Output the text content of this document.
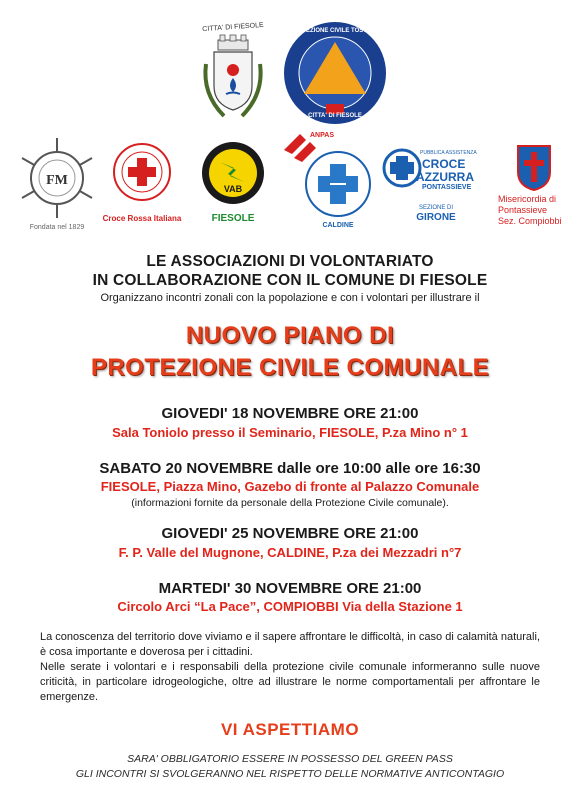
CITTA' DI FIESOLE	PROTEZIONE CIVILE TOSCANA
CITTA' DI FIESOLE
FM
Fondata nel 1829
Croce Rossa Italiana
VAB
FIESOLE
ANPAS
CALDINE
PUBBLICA ASSISTENZA
CROCE
AZZURRA
PONTASSIEVE
SEZIONE DI
GIRONE
Misericordia di
Pontassieve
Sez. Compiobbi
LE ASSOCIAZIONI DI VOLONTARIATO
IN COLLABORAZIONE CON IL COMUNE DI FIESOLE
Organizzano incontri zonali con la popolazione e con i volontari per illustrare il
NUOVO PIANO DI
PROTEZIONE CIVILE COMUNALE
GIOVEDI' 18 NOVEMBRE ORE 21:00
Sala Toniolo presso il Seminario, FIESOLE, P.za Mino n° 1
SABATO 20 NOVEMBRE dalle ore 10:00 alle ore 16:30
FIESOLE, Piazza Mino, Gazebo di fronte al Palazzo Comunale
(informazioni fornite da personale della Protezione Civile comunale).
GIOVEDI' 25 NOVEMBRE ORE 21:00
F. P. Valle del Mugnone, CALDINE, P.za dei Mezzadri n°7
MARTEDI' 30 NOVEMBRE ORE 21:00
Circolo Arci “La Pace”, COMPIOBBI Via della Stazione 1
La conoscenza del territorio dove viviamo e il sapere affrontare le difficoltà, in caso di calamità naturali, è cosa importante e doverosa per i cittadini.
Nelle serate i volontari e i responsabili della protezione civile comunale informeranno sulle nuove criticità, in particolare idrogeologiche, oltre ad illustrare le norme comportamentali per affrontare le emergenze.
VI ASPETTIAMO
SARA' OBBLIGATORIO ESSERE IN POSSESSO DEL GREEN PASS
GLI INCONTRI SI SVOLGERANNO NEL RISPETTO DELLE NORMATIVE ANTICONTAGIO
